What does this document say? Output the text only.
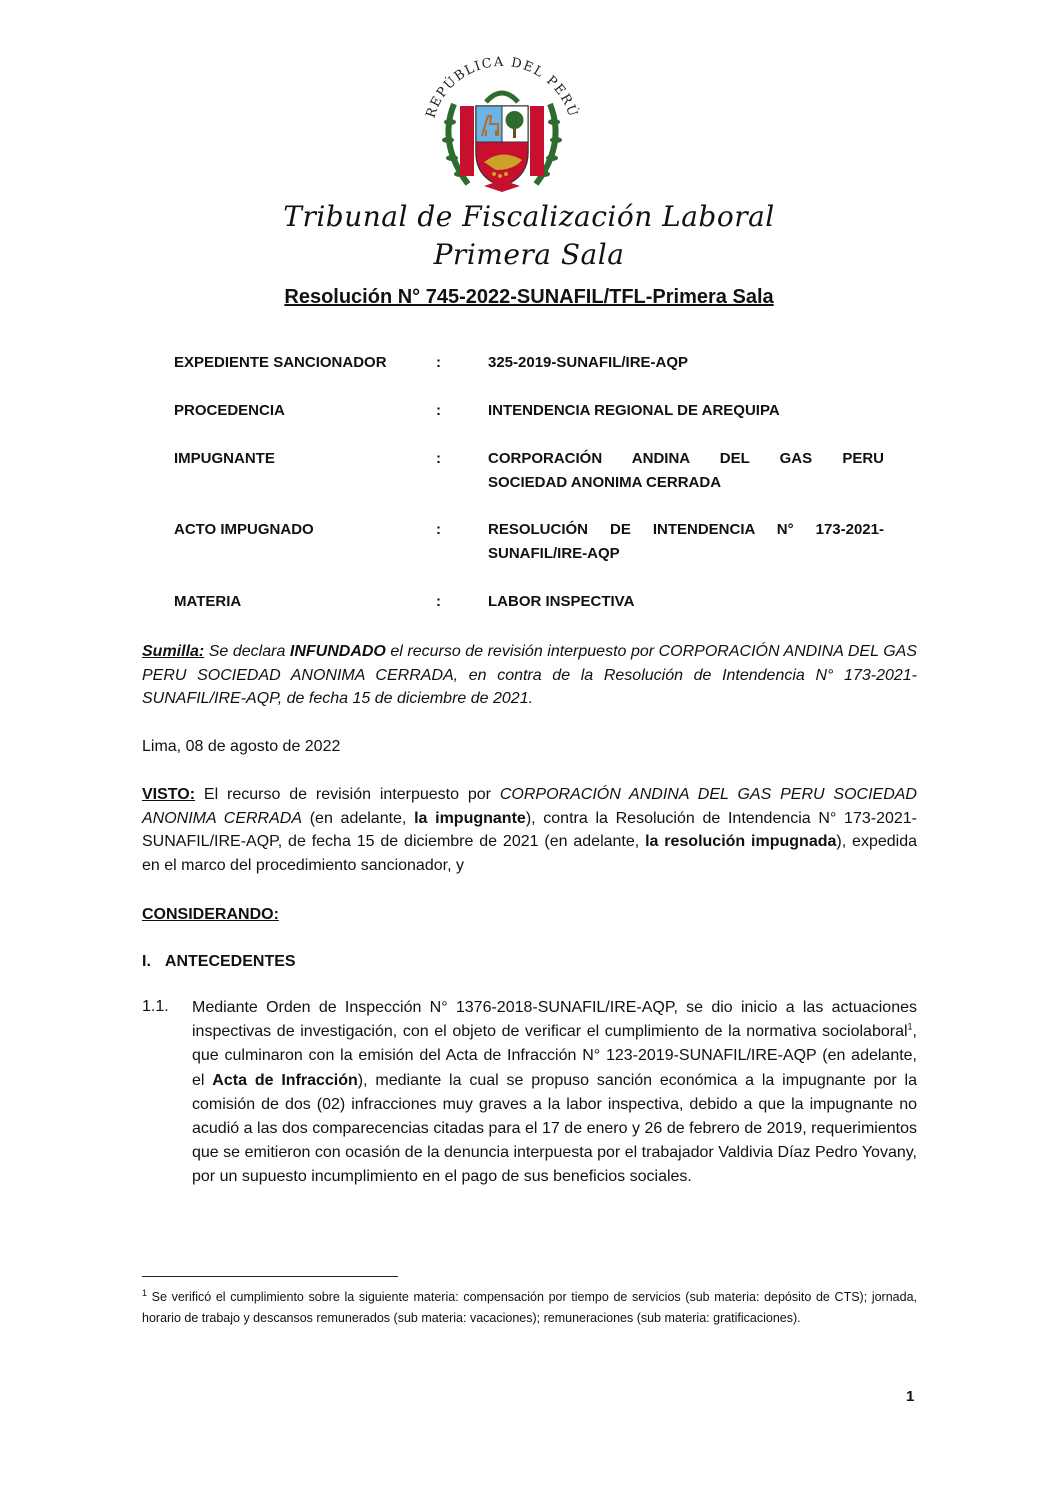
REPÚBLICA DEL PERÚ
Tribunal de Fiscalización Laboral
Primera Sala
Resolución N° 745-2022-SUNAFIL/TFL-Primera Sala
EXPEDIENTE SANCIONADOR	:	325-2019-SUNAFIL/IRE-AQP
PROCEDENCIA	:	INTENDENCIA REGIONAL DE AREQUIPA
IMPUGNANTE	:	CORPORACIÓN ANDINA DEL GAS PERU
SOCIEDAD ANONIMA CERRADA
ACTO IMPUGNADO	:	RESOLUCIÓN DE INTENDENCIA N° 173-2021-
SUNAFIL/IRE-AQP
MATERIA	:	LABOR INSPECTIVA
Sumilla: Se declara INFUNDADO el recurso de revisión interpuesto por CORPORACIÓN ANDINA DEL GAS PERU SOCIEDAD ANONIMA CERRADA, en contra de la Resolución de Intendencia N° 173-2021-SUNAFIL/IRE-AQP, de fecha 15 de diciembre de 2021.
Lima, 08 de agosto de 2022
VISTO: El recurso de revisión interpuesto por CORPORACIÓN ANDINA DEL GAS PERU SOCIEDAD ANONIMA CERRADA (en adelante, la impugnante), contra la Resolución de Intendencia N° 173-2021-SUNAFIL/IRE-AQP, de fecha 15 de diciembre de 2021 (en adelante, la resolución impugnada), expedida en el marco del procedimiento sancionador, y
CONSIDERANDO:
I. ANTECEDENTES
1.1. Mediante Orden de Inspección N° 1376-2018-SUNAFIL/IRE-AQP, se dio inicio a las actuaciones inspectivas de investigación, con el objeto de verificar el cumplimiento de la normativa sociolaboral$^1$, que culminaron con la emisión del Acta de Infracción N° 123-2019-SUNAFIL/IRE-AQP (en adelante, el Acta de Infracción), mediante la cual se propuso sanción económica a la impugnante por la comisión de dos (02) infracciones muy graves a la labor inspectiva, debido a que la impugnante no acudió a las dos comparecencias citadas para el 17 de enero y 26 de febrero de 2019, requerimientos que se emitieron con ocasión de la denuncia interpuesta por el trabajador Valdivia Díaz Pedro Yovany, por un supuesto incumplimiento en el pago de sus beneficios sociales.
$^1$ Se verificó el cumplimiento sobre la siguiente materia: compensación por tiempo de servicios (sub materia: depósito de CTS); jornada, horario de trabajo y descansos remunerados (sub materia: vacaciones); remuneraciones (sub materia: gratificaciones).
1
